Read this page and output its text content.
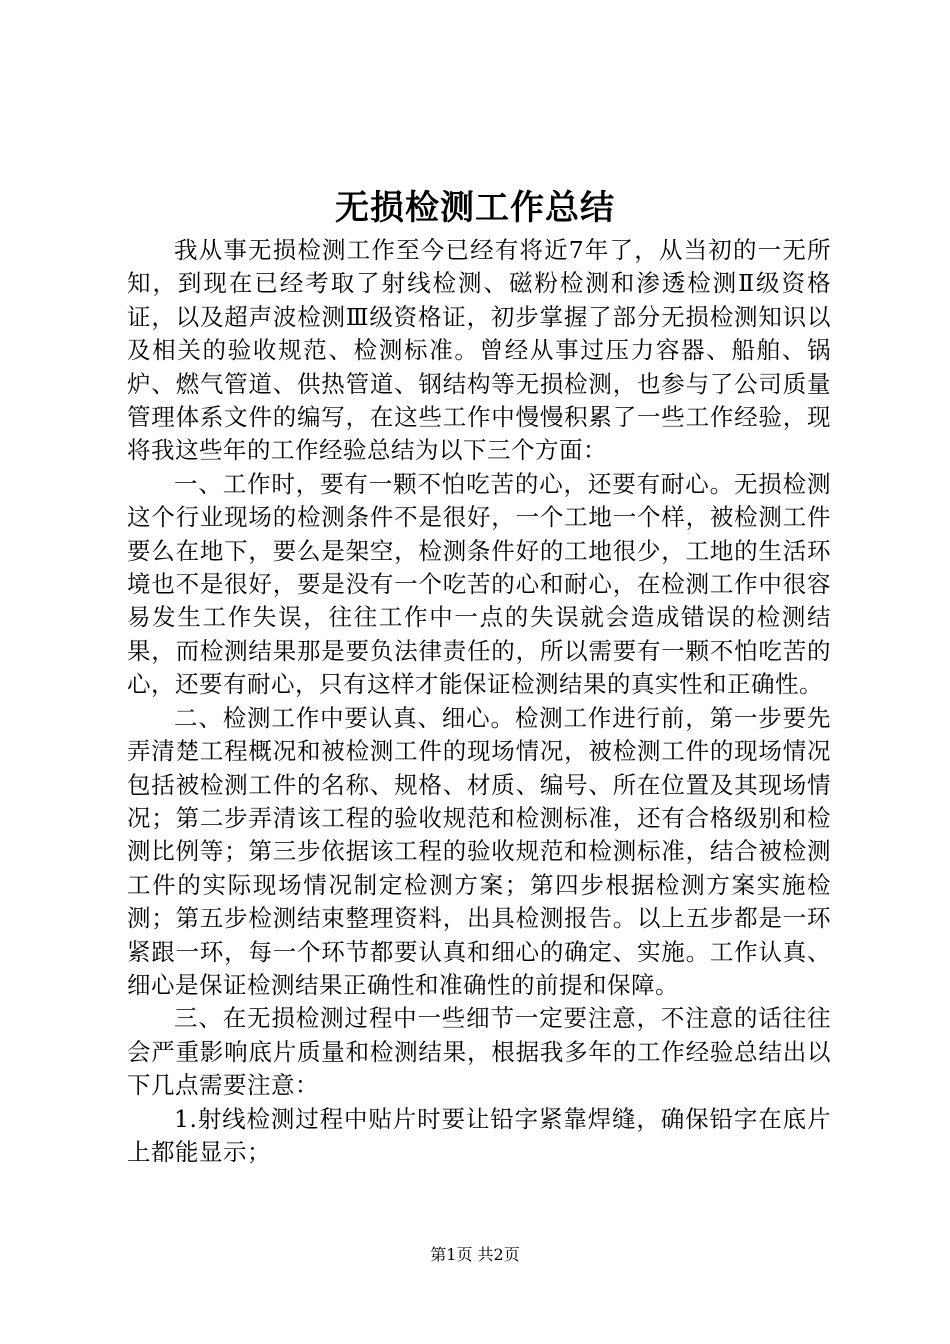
无损检测工作总结

我从事无损检测工作至今已经有将近7年了，从当初的一无所知，到现在已经考取了射线检测、磁粉检测和渗透检测Ⅱ级资格证，以及超声波检测Ⅲ级资格证，初步掌握了部分无损检测知识以及相关的验收规范、检测标准。曾经从事过压力容器、船舶、锅炉、燃气管道、供热管道、钢结构等无损检测，也参与了公司质量管理体系文件的编写，在这些工作中慢慢积累了一些工作经验，现将我这些年的工作经验总结为以下三个方面：

一、工作时，要有一颗不怕吃苦的心，还要有耐心。无损检测这个行业现场的检测条件不是很好，一个工地一个样，被检测工件要么在地下，要么是架空，检测条件好的工地很少，工地的生活环境也不是很好，要是没有一个吃苦的心和耐心，在检测工作中很容易发生工作失误，往往工作中一点的失误就会造成错误的检测结果，而检测结果那是要负法律责任的，所以需要有一颗不怕吃苦的心，还要有耐心，只有这样才能保证检测结果的真实性和正确性。

二、检测工作中要认真、细心。检测工作进行前，第一步要先弄清楚工程概况和被检测工件的现场情况，被检测工件的现场情况包括被检测工件的名称、规格、材质、编号、所在位置及其现场情况；第二步弄清该工程的验收规范和检测标准，还有合格级别和检测比例等；第三步依据该工程的验收规范和检测标准，结合被检测工件的实际现场情况制定检测方案；第四步根据检测方案实施检测；第五步检测结束整理资料，出具检测报告。以上五步都是一环紧跟一环，每一个环节都要认真和细心的确定、实施。工作认真、细心是保证检测结果正确性和准确性的前提和保障。

三、在无损检测过程中一些细节一定要注意，不注意的话往往会严重影响底片质量和检测结果，根据我多年的工作经验总结出以下几点需要注意：

1.射线检测过程中贴片时要让铅字紧靠焊缝，确保铅字在底片上都能显示；

第1页 共2页
